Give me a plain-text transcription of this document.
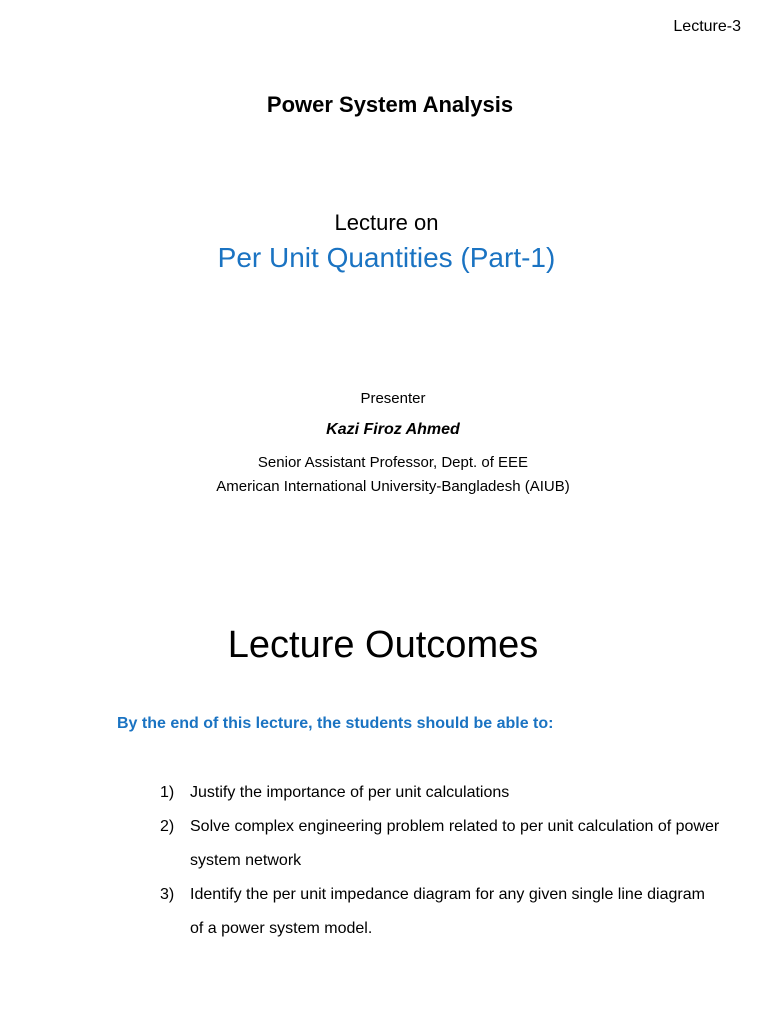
Lecture-3
Power System Analysis
Lecture on
Per Unit Quantities (Part-1)
Presenter
Kazi Firoz Ahmed
Senior Assistant Professor, Dept. of EEE
American International University-Bangladesh (AIUB)
Lecture Outcomes
By the end of this lecture, the students should be able to:
1) Justify the importance of per unit calculations
2) Solve complex engineering problem related to per unit calculation of power system network
3) Identify the per unit impedance diagram for any given single line diagram of a power system model.
